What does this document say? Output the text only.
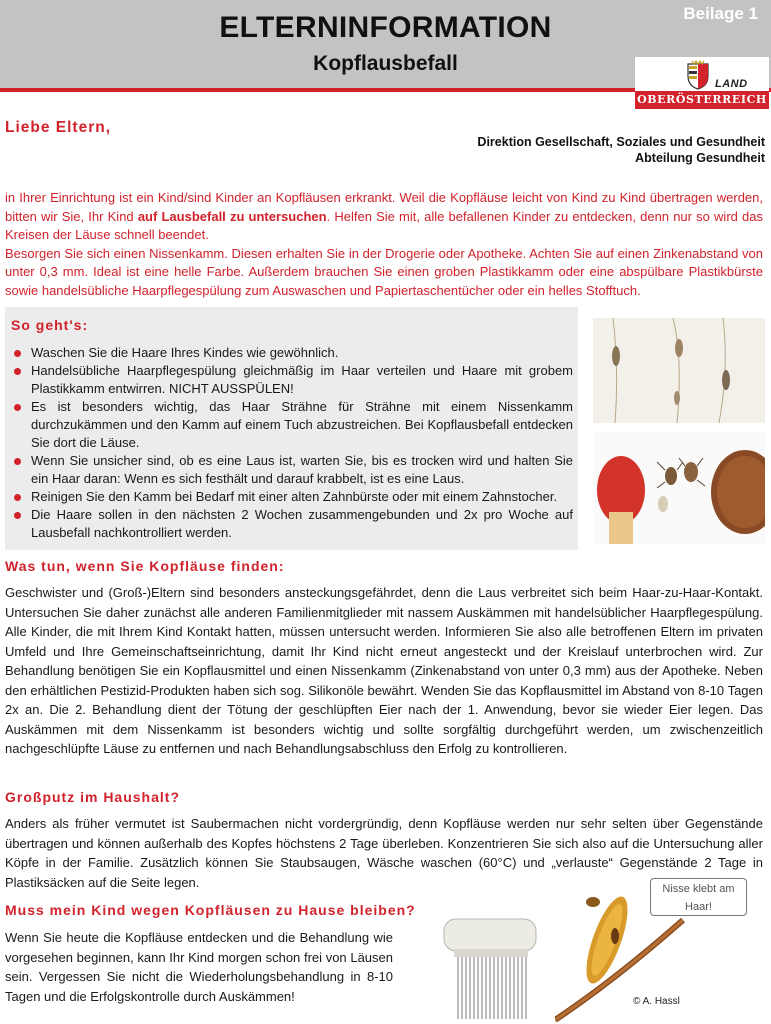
ELTERNINFORMATION
Kopflausbefall
Beilage 1
LAND
OBERÖSTERREICH
Liebe Eltern,
Direktion Gesellschaft, Soziales und Gesundheit
Abteilung Gesundheit
in Ihrer Einrichtung ist ein Kind/sind Kinder an Kopfläusen erkrankt. Weil die Kopfläuse leicht von Kind zu Kind übertragen werden, bitten wir Sie, Ihr Kind auf Lausbefall zu untersuchen. Helfen Sie mit, alle befallenen Kinder zu entdecken, denn nur so wird das Kreisen der Läuse schnell beendet.
Besorgen Sie sich einen Nissenkamm. Diesen erhalten Sie in der Drogerie oder Apotheke. Achten Sie auf einen Zinkenabstand von unter 0,3 mm. Ideal ist eine helle Farbe. Außerdem brauchen Sie einen groben Plastikkamm oder eine abspülbare Plastikbürste sowie handelsübliche Haarpflegespülung zum Auswaschen und Papiertaschentücher oder ein helles Stofftuch.
So geht's:
Waschen Sie die Haare Ihres Kindes wie gewöhnlich.
Handelsübliche Haarpflegespülung gleichmäßig im Haar verteilen und Haare mit grobem Plastikkamm entwirren. NICHT AUSSPÜLEN!
Es ist besonders wichtig, das Haar Strähne für Strähne mit einem Nissenkamm durchzukämmen und den Kamm auf einem Tuch abzustreichen. Bei Kopflausbefall entdecken Sie dort die Läuse.
Wenn Sie unsicher sind, ob es eine Laus ist, warten Sie, bis es trocken wird und halten Sie ein Haar daran: Wenn es sich festhält und darauf krabbelt, ist es eine Laus.
Reinigen Sie den Kamm bei Bedarf mit einer alten Zahnbürste oder mit einem Zahnstocher.
Die Haare sollen in den nächsten 2 Wochen zusammengebunden und 2x pro Woche auf Lausbefall nachkontrolliert werden.
Was tun, wenn Sie Kopfläuse finden:

Geschwister und (Groß-)Eltern sind besonders ansteckungsgefährdet, denn die Laus verbreitet sich beim Haar-zu-Haar-Kontakt. Untersuchen Sie daher zunächst alle anderen Familienmitglieder mit nassem Auskämmen mit handelsüblicher Haarpflegespülung. Alle Kinder, die mit Ihrem Kind Kontakt hatten, müssen untersucht werden. Informieren Sie also alle betroffenen Eltern im privaten Umfeld und Ihre Gemeinschaftseinrichtung, damit Ihr Kind nicht erneut angesteckt und der Kreislauf unterbrochen wird. Zur Behandlung benötigen Sie ein Kopflausmittel und einen Nissenkamm (Zinkenabstand von unter 0,3 mm) aus der Apotheke. Neben den erhältlichen Pestizid-Produkten haben sich sog. Silikonöle bewährt. Wenden Sie das Kopflausmittel im Abstand von 8-10 Tagen 2x an. Die 2. Behandlung dient der Tötung der geschlüpften Eier nach der 1. Anwendung, bevor sie wieder Eier legen. Das Auskämmen mit dem Nissenkamm ist besonders wichtig und sollte sorgfältig durchgeführt werden, um zwischenzeitlich nachgeschlüpfte Läuse zu entfernen und nach Behandlungsabschluss den Erfolg zu kontrollieren.

Großputz im Haushalt?

Anders als früher vermutet ist Saubermachen nicht vordergründig, denn Kopfläuse werden nur sehr selten über Gegenstände übertragen und können außerhalb des Kopfes höchstens 2 Tage überleben. Konzentrieren Sie sich also auf die Untersuchung aller Köpfe in der Familie. Zusätzlich können Sie Staubsaugen, Wäsche waschen (60°C) und „verlauste“ Gegenstände 2 Tage in Plastiksäcken auf die Seite legen.

Muss mein Kind wegen Kopfläusen zu Hause bleiben?

Wenn Sie heute die Kopfläuse entdecken und die Behandlung wie vorgesehen beginnen, kann Ihr Kind morgen schon frei von Läusen sein. Vergessen Sie nicht die Wiederholungsbehandlung in 8-10 Tagen und die Erfolgskontrolle durch Auskämmen!

Nisse klebt am Haar!
© A. Hassl
